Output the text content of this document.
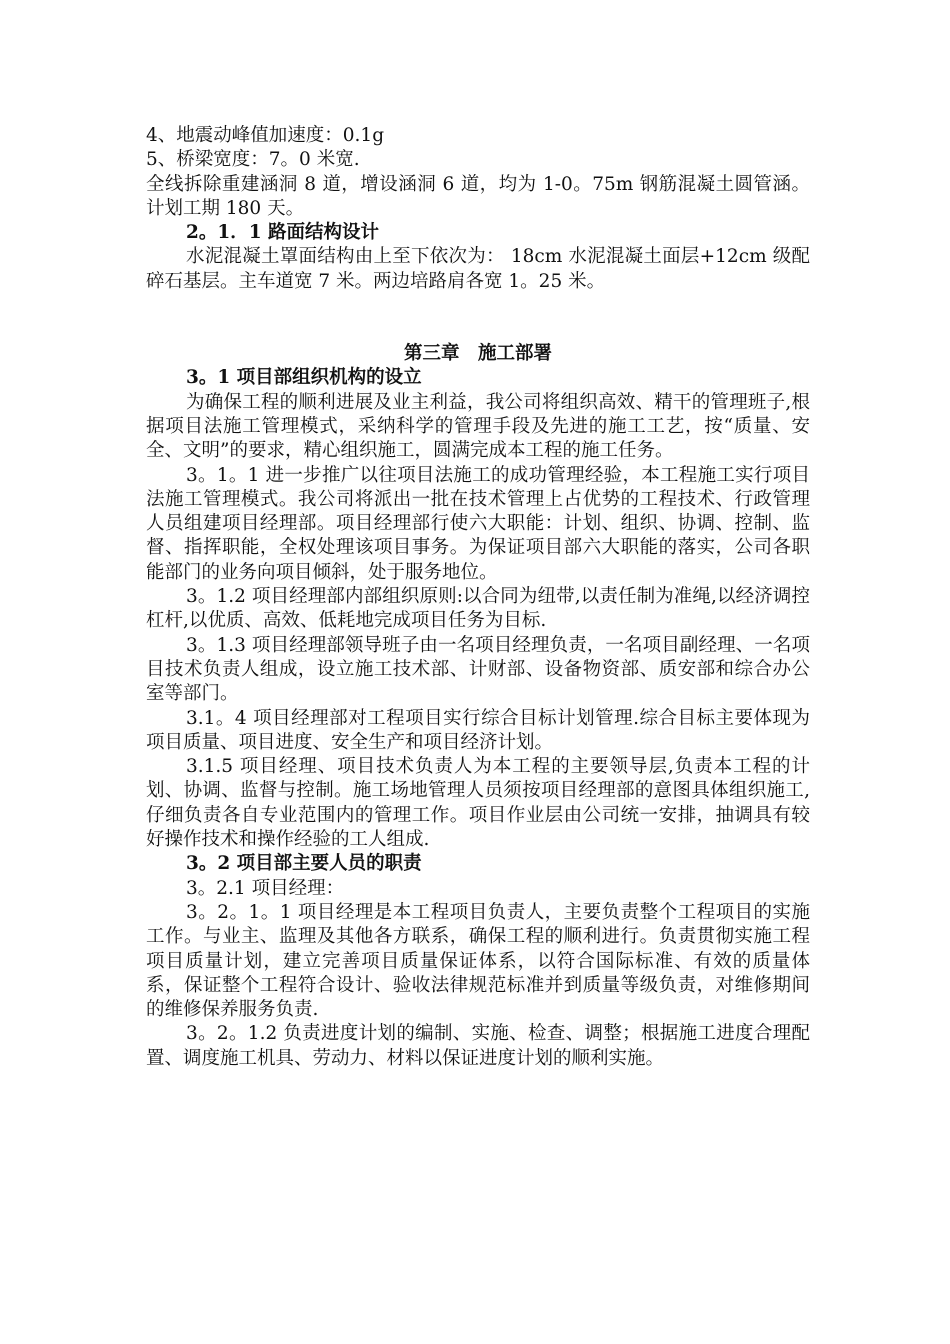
4、地震动峰值加速度：0.1g

5、桥梁宽度：7。0 米宽.

全线拆除重建涵洞 8 道，增设涵洞 6 道，均为 1-0。75m 钢筋混凝土圆管涵。计划工期 180 天。

2。1．1 路面结构设计

水泥混凝土罩面结构由上至下依次为： 18cm 水泥混凝土面层+12cm 级配碎石基层。主车道宽 7 米。两边培路肩各宽 1。25 米。

第三章　施工部署

3。1 项目部组织机构的设立

为确保工程的顺利进展及业主利益，我公司将组织高效、精干的管理班子,根据项目法施工管理模式，采纳科学的管理手段及先进的施工工艺，按“质量、安全、文明”的要求，精心组织施工，圆满完成本工程的施工任务。

3。1。1 进一步推广以往项目法施工的成功管理经验，本工程施工实行项目法施工管理模式。我公司将派出一批在技术管理上占优势的工程技术、行政管理人员组建项目经理部。项目经理部行使六大职能：计划、组织、协调、控制、监督、指挥职能，全权处理该项目事务。为保证项目部六大职能的落实，公司各职能部门的业务向项目倾斜，处于服务地位。

3。1.2 项目经理部内部组织原则:以合同为纽带,以责任制为准绳,以经济调控杠杆,以优质、高效、低耗地完成项目任务为目标.

3。1.3 项目经理部领导班子由一名项目经理负责，一名项目副经理、一名项目技术负责人组成，设立施工技术部、计财部、设备物资部、质安部和综合办公室等部门。

3.1。4 项目经理部对工程项目实行综合目标计划管理.综合目标主要体现为项目质量、项目进度、安全生产和项目经济计划。

3.1.5 项目经理、项目技术负责人为本工程的主要领导层,负责本工程的计划、协调、监督与控制。施工场地管理人员须按项目经理部的意图具体组织施工,仔细负责各自专业范围内的管理工作。项目作业层由公司统一安排，抽调具有较好操作技术和操作经验的工人组成.

3。2 项目部主要人员的职责

3。2.1 项目经理：

3。2。1。1 项目经理是本工程项目负责人，主要负责整个工程项目的实施工作。与业主、监理及其他各方联系，确保工程的顺利进行。负责贯彻实施工程项目质量计划，建立完善项目质量保证体系，以符合国际标准、有效的质量体系，保证整个工程符合设计、验收法律规范标准并到质量等级负责，对维修期间的维修保养服务负责.

3。2。1.2 负责进度计划的编制、实施、检查、调整；根据施工进度合理配置、调度施工机具、劳动力、材料以保证进度计划的顺利实施。
